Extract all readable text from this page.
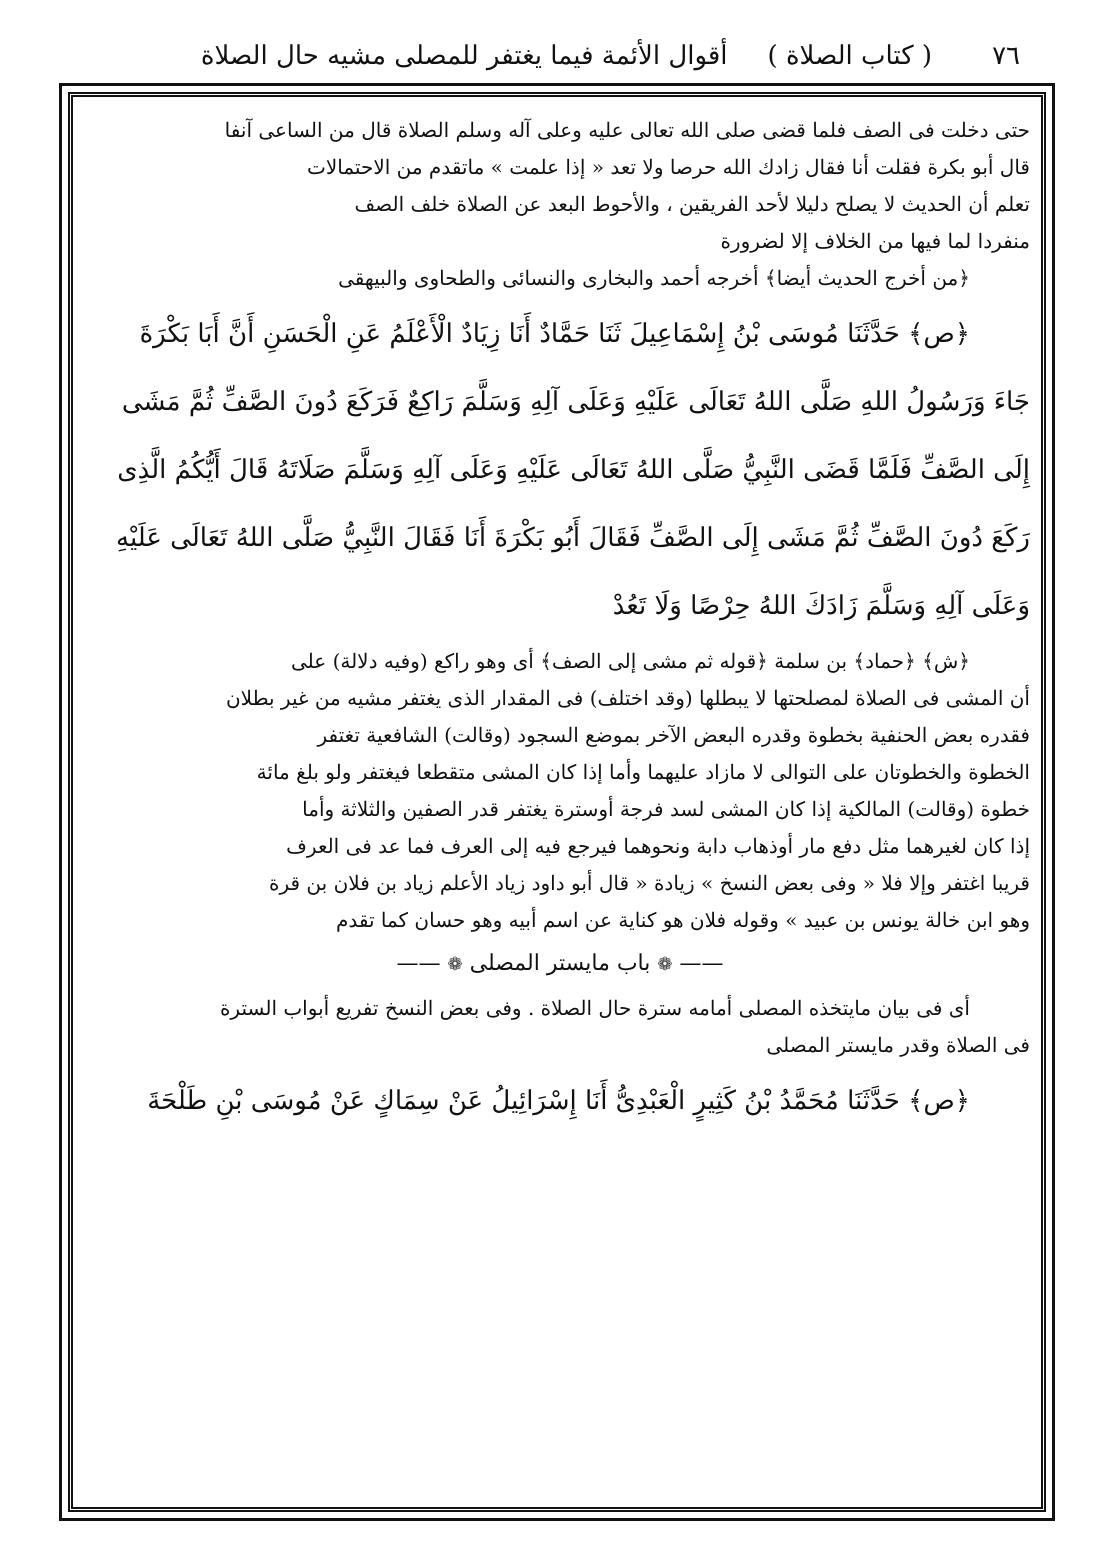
٧٦
( كتاب الصلاة )
أقوال الأئمة فيما يغتفر للمصلى مشيه حال الصلاة

حتى دخلت فى الصف فلما قضى صلى الله تعالى عليه وعلى آله وسلم الصلاة قال من الساعى آنفا

قال أبو بكرة فقلت أنا فقال زادك الله حرصا ولا تعد « إذا علمت » ماتقدم من الاحتمالات

تعلم أن الحديث لا يصلح دليلا لأحد الفريقين ، والأحوط البعد عن الصلاة خلف الصف

منفردا لما فيها من الخلاف إلا لضرورة

﴿من أخرج الحديث أيضا﴾ أخرجه أحمد والبخارى والنسائى والطحاوى والبيهقى

﴿ص﴾ حَدَّثَنَا مُوسَى بْنُ إِسْمَاعِيلَ ثَنَا حَمَّادٌ أَنَا زِيَادٌ الْأَعْلَمُ عَنِ الْحَسَنِ أَنَّ أَبَا بَكْرَةَ

جَاءَ وَرَسُولُ اللهِ صَلَّى اللهُ تَعَالَى عَلَيْهِ وَعَلَى آلِهِ وَسَلَّمَ رَاكِعٌ فَرَكَعَ دُونَ الصَّفِّ ثُمَّ مَشَى

إِلَى الصَّفِّ فَلَمَّا قَضَى النَّبِيُّ صَلَّى اللهُ تَعَالَى عَلَيْهِ وَعَلَى آلِهِ وَسَلَّمَ صَلَاتَهُ قَالَ أَيُّكُمُ الَّذِى

رَكَعَ دُونَ الصَّفِّ ثُمَّ مَشَى إِلَى الصَّفِّ فَقَالَ أَبُو بَكْرَةَ أَنَا فَقَالَ النَّبِيُّ صَلَّى اللهُ تَعَالَى عَلَيْهِ

وَعَلَى آلِهِ وَسَلَّمَ زَادَكَ اللهُ حِرْصًا وَلَا تَعُدْ

﴿ش﴾ ﴿حماد﴾ بن سلمة ﴿قوله ثم مشى إلى الصف﴾ أى وهو راكع (وفيه دلالة) على

أن المشى فى الصلاة لمصلحتها لا يبطلها (وقد اختلف) فى المقدار الذى يغتفر مشيه من غير بطلان

فقدره بعض الحنفية بخطوة وقدره البعض الآخر بموضع السجود (وقالت) الشافعية تغتفر

الخطوة والخطوتان على التوالى لا مازاد عليهما وأما إذا كان المشى متقطعا فيغتفر ولو بلغ مائة

خطوة (وقالت) المالكية إذا كان المشى لسد فرجة أوسترة يغتفر قدر الصفين والثلاثة وأما

إذا كان لغيرهما مثل دفع مار أوذهاب دابة ونحوهما فيرجع فيه إلى العرف فما عد فى العرف

قريبا اغتفر وإلا فلا « وفى بعض النسخ » زيادة « قال أبو داود زياد الأعلم زياد بن فلان بن قرة

وهو ابن خالة يونس بن عبيد » وقوله فلان هو كناية عن اسم أبيه وهو حسان كما تقدم

—— ❁ باب مايستر المصلى ❁ ——

أى فى بيان مايتخذه المصلى أمامه سترة حال الصلاة . وفى بعض النسخ تفريع أبواب السترة

فى الصلاة وقدر مايستر المصلى

﴿ص﴾ حَدَّثَنَا مُحَمَّدُ بْنُ كَثِيرٍ الْعَبْدِىُّ أَنَا إِسْرَائِيلُ عَنْ سِمَاكٍ عَنْ مُوسَى بْنِ طَلْحَةَ
